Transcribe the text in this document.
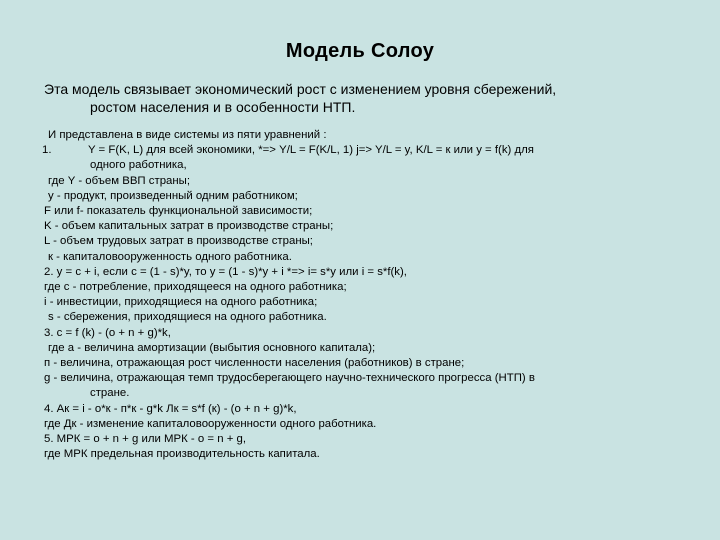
Модель Солоу
Эта модель связывает экономический рост с изменением уровня сбережений,
ростом населения и в особенности НТП.
И представлена в виде системы из пяти уравнений :
1.	Y = F(K, L) для всей экономики, *=> Y/L = F(K/L, 1) j=> Y/L = y, K/L = к или y = f(k) для
одного работника,
где Y - объем ВВП страны;
y - продукт, произведенный одним работником;
F или f- показатель функциональной зависимости;
K - объем капитальных затрат в производстве страны;
L - объем трудовых затрат в производстве страны;
к - капиталовооруженность одного работника.
2. у = с + i, если с = (1 - s)*y, то у = (1 - s)*y + i *=> i= s*y или i = s*f(k),
где с - потребление, приходящееся на одного работника;
i - инвестиции, приходящиеся на одного работника;
s - сбережения, приходящиеся на одного работника.
3. с = f (k) - (о + n + g)*k,
где а - величина амортизации (выбытия основного капитала);
п - величина, отражающая рост численности населения (работников) в стране;
g - величина, отражающая темп трудосберегающего научно-технического прогресса (НТП) в
стране.
4. Ак = i - о*к - п*к - g*k Лк = s*f (к) - (о + n + g)*k,
где Дк - изменение капиталовооруженности одного работника.
5. МРК = о + n + g или МРК - о = n + g,
где МРК предельная производительность капитала.
